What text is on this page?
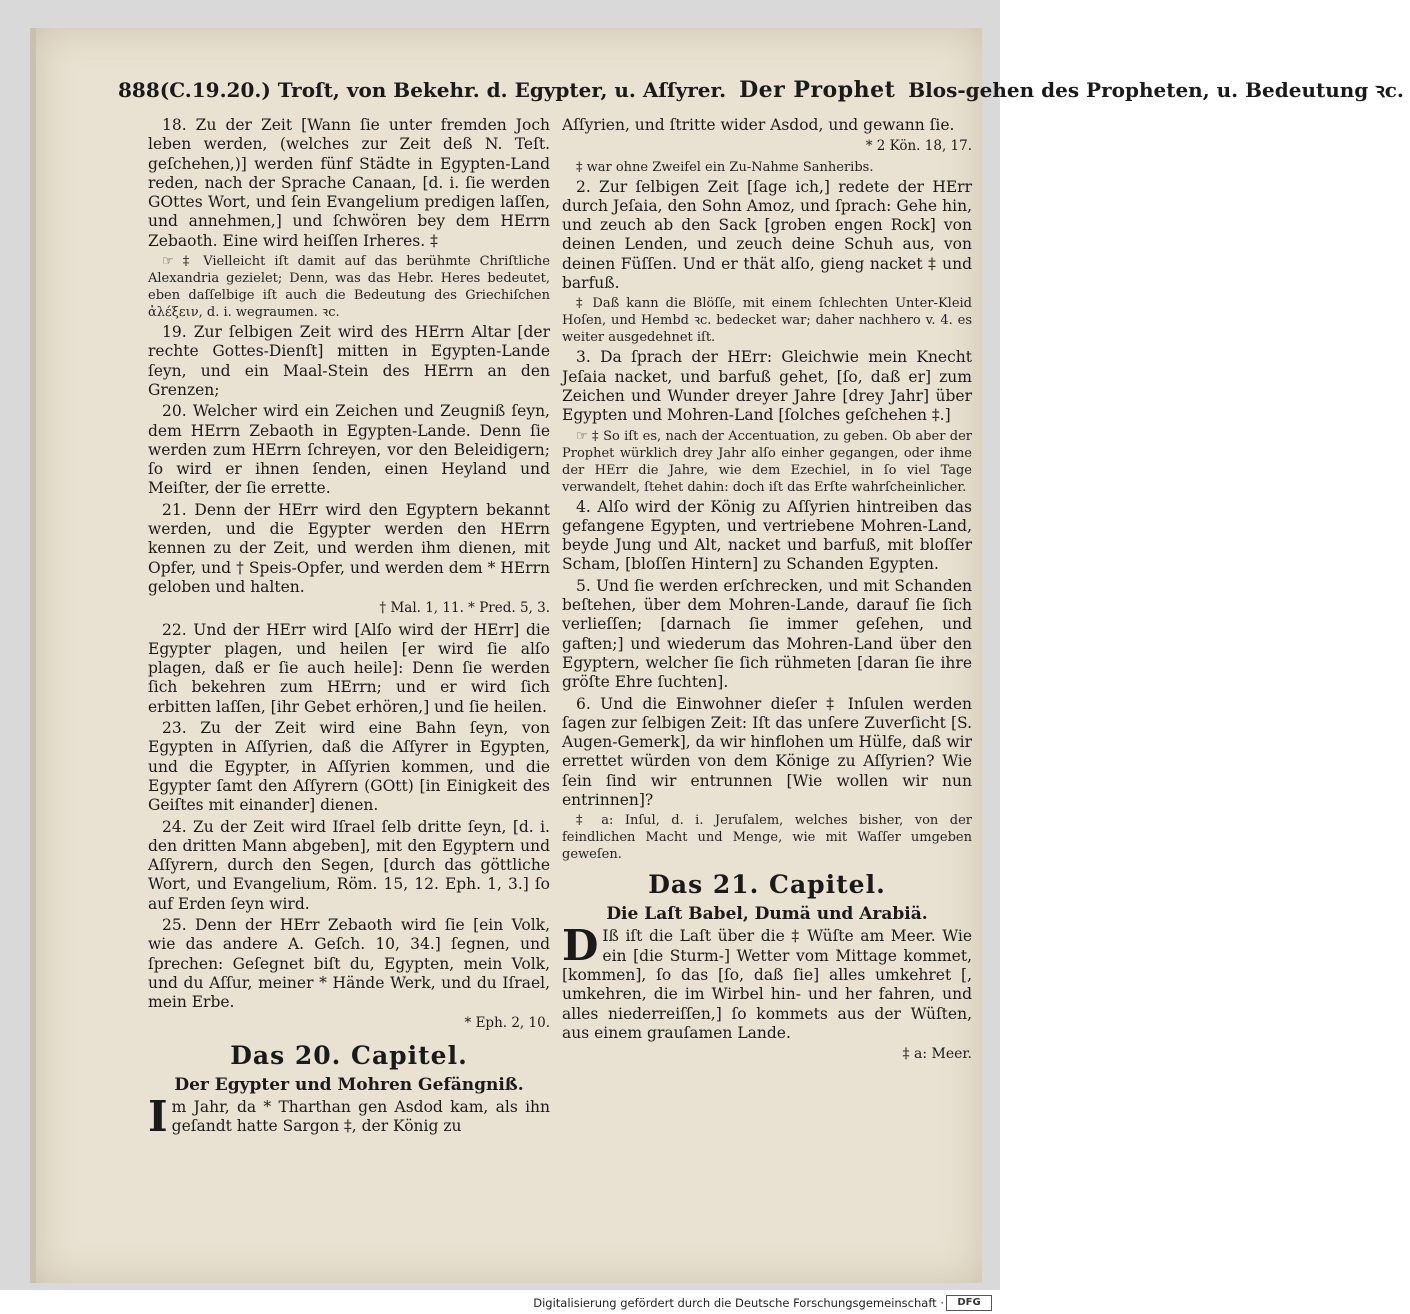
888(C.19.20.) Troſt, von Bekehr. d. Egypter, u. Aſſyrer. Der Prophet Blos-gehen des Propheten, u. Bedeutung ꝛc.

18. Zu der Zeit [Wann ſie unter fremden Joch leben werden, (welches zur Zeit deß N. Teſt. geſchehen,)] werden fünf Städte in Egypten-Land reden, nach der Sprache Canaan, [d. i. ſie werden GOttes Wort, und ſein Evangelium predigen laſſen, und annehmen,] und ſchwören bey dem HErrn Zebaoth. Eine wird heiſſen Irheres. ‡

☞ ‡ Vielleicht iſt damit auf das berühmte Chriſtliche Alexandria gezielet; Denn, was das Hebr. Heres bedeutet, eben daſſelbige iſt auch die Bedeutung des Griechiſchen ἀλέξειν, d. i. wegraumen. ꝛc.

19. Zur ſelbigen Zeit wird des HErrn Altar [der rechte Gottes-Dienſt] mitten in Egypten-Lande ſeyn, und ein Maal-Stein des HErrn an den Grenzen;

20. Welcher wird ein Zeichen und Zeugniß ſeyn, dem HErrn Zebaoth in Egypten-Lande. Denn ſie werden zum HErrn ſchreyen, vor den Beleidigern; ſo wird er ihnen ſenden, einen Heyland und Meiſter, der ſie errette.

21. Denn der HErr wird den Egyptern bekannt werden, und die Egypter werden den HErrn kennen zu der Zeit, und werden ihm dienen, mit Opfer, und † Speis-Opfer, und werden dem * HErrn geloben und halten.

† Mal. 1, 11. * Pred. 5, 3.

22. Und der HErr wird [Alſo wird der HErr] die Egypter plagen, und heilen [er wird ſie alſo plagen, daß er ſie auch heile]: Denn ſie werden ſich bekehren zum HErrn; und er wird ſich erbitten laſſen, [ihr Gebet erhören,] und ſie heilen.

23. Zu der Zeit wird eine Bahn ſeyn, von Egypten in Aſſyrien, daß die Aſſyrer in Egypten, und die Egypter, in Aſſyrien kommen, und die Egypter ſamt den Aſſyrern (GOtt) [in Einigkeit des Geiſtes mit einander] dienen.

24. Zu der Zeit wird Iſrael ſelb dritte ſeyn, [d. i. den dritten Mann abgeben], mit den Egyptern und Aſſyrern, durch den Segen, [durch das göttliche Wort, und Evangelium, Röm. 15, 12. Eph. 1, 3.] ſo auf Erden ſeyn wird.

25. Denn der HErr Zebaoth wird ſie [ein Volk, wie das andere A. Geſch. 10, 34.] ſegnen, und ſprechen: Geſegnet biſt du, Egypten, mein Volk, und du Aſſur, meiner * Hände Werk, und du Iſrael, mein Erbe.

* Eph. 2, 10.

Das 20. Capitel.
Der Egypter und Mohren Gefängniß.

I m Jahr, da * Tharthan gen Asdod kam, als ihn geſandt hatte Sargon ‡, der König zu

Aſſyrien, und ſtritte wider Asdod, und gewann ſie.

* 2 Kön. 18, 17.

‡ war ohne Zweifel ein Zu-Nahme Sanheribs.

2. Zur ſelbigen Zeit [ſage ich,] redete der HErr durch Jeſaia, den Sohn Amoz, und ſprach: Gehe hin, und zeuch ab den Sack [groben engen Rock] von deinen Lenden, und zeuch deine Schuh aus, von deinen Füſſen. Und er thät alſo, gieng nacket ‡ und barfuß.

‡ Daß kann die Blöſſe, mit einem ſchlechten Unter-Kleid Hoſen, und Hembd ꝛc. bedecket war; daher nachhero v. 4. es weiter ausgedehnet iſt.

3. Da ſprach der HErr: Gleichwie mein Knecht Jeſaia nacket, und barfuß gehet, [ſo, daß er] zum Zeichen und Wunder dreyer Jahre [drey Jahr] über Egypten und Mohren-Land [ſolches geſchehen ‡.]

☞ ‡ So iſt es, nach der Accentuation, zu geben. Ob aber der Prophet würklich drey Jahr alſo einher gegangen, oder ihme der HErr die Jahre, wie dem Ezechiel, in ſo viel Tage verwandelt, ſtehet dahin: doch iſt das Erſte wahrſcheinlicher.

4. Alſo wird der König zu Aſſyrien hintreiben das gefangene Egypten, und vertriebene Mohren-Land, beyde Jung und Alt, nacket und barfuß, mit bloſſer Scham, [bloſſen Hintern] zu Schanden Egypten.

5. Und ſie werden erſchrecken, und mit Schanden beſtehen, über dem Mohren-Lande, darauf ſie ſich verlieſſen; [darnach ſie immer geſehen, und gaften;] und wiederum das Mohren-Land über den Egyptern, welcher ſie ſich rühmeten [daran ſie ihre gröſte Ehre ſuchten].

6. Und die Einwohner dieſer ‡ Inſulen werden ſagen zur ſelbigen Zeit: Iſt das unſere Zuverſicht [S. Augen-Gemerk], da wir hinflohen um Hülfe, daß wir errettet würden von dem Könige zu Aſſyrien? Wie ſein ſind wir entrunnen [Wie wollen wir nun entrinnen]?

‡ a: Inſul, d. i. Jeruſalem, welches bisher, von der feindlichen Macht und Menge, wie mit Waſſer umgeben geweſen.

Das 21. Capitel.
Die Laſt Babel, Dumä und Arabiä.

D Iß iſt die Laſt über die ‡ Wüſte am Meer. Wie ein [die Sturm-] Wetter vom Mittage kommet, [kommen], ſo das [ſo, daß ſie] alles umkehret [, umkehren, die im Wirbel hin- und her fahren, und alles niederreiſſen,] ſo kommets aus der Wüſten, aus einem grauſamen Lande.

‡ a: Meer.

Digitalisierung gefördert durch die Deutsche Forschungsgemeinschaft ·	DFG
